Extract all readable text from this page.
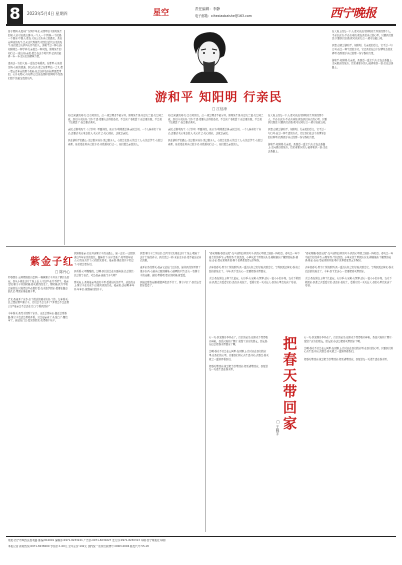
8	2023年5月4日 星期四	星空	责任编辑：李静
电子邮箱：xihexiaobaishe@163.com	西宁晚报
吾于期间,从贵州广东到中华北,从那里去王阳明先生的知,大家可以做点事;从一个人,一个团体,一个民族,一个国家;中国人,都在大地上走出自己的路来。我以前拜读的先生,是从古代到现代,特别是近代以来的先生,他们都是有担当有作为的人。游和平是一种心态;知阳明是一种学问;行亲民是一种实践。阳明先生的知行合一,致良知,亲民,都是在这个时代里,让我们能够一步一步走出来的精神力量。

贵州这一方的大地,一直在召唤着我。在那里,有他的龙场,有他的悟道。我每次去,都会在那里站一会儿,想一想五百年前的那个夜晚,他是怎样在石棺里面思考的。心外无物,心外无理,这是他在那样的困境中,给我们留下的最宝贵的东西。
游和平 知阳明 行亲民
□ 江信涛
知,是知道的知;行,是行动的行。合一,就是两者不能分开。阳明先生说,知是行之始,行是知之成。我们今天读书,工作,生活,都要有这样的态度。不是读了书就算了,而是要去做。不是说了话就算了,而是要去落实。

亲民,是阳明先生《大学问》里面讲的。他认为,明明德是体,亲民是用。一个人修养好了自己,还要去关心身边的人,关心社会,关心国家。这就是亲民。

我在游和平的路上,走过很多地方,见过很多人。有的是农民,有的是工人,有的是学生,有的是老师。他们都在用自己的方式,实践着知行合一。他们都是亲民的人。
知,是知道的知;行,是行动的行。合一,就是两者不能分开。阳明先生说,知是行之始,行是知之成。我们今天读书,工作,生活,都要有这样的态度。不是读了书就算了,而是要去做。不是说了话就算了,而是要去落实。

亲民,是阳明先生《大学问》里面讲的。他认为,明明德是体,亲民是用。一个人修养好了自己,还要去关心身边的人,关心社会,关心国家。这就是亲民。

我在游和平的路上,走过很多地方,见过很多人。有的是农民,有的是工人,有的是学生,有的是老师。他们都在用自己的方式,实践着知行合一。他们都是亲民的人。
在大地上的每一个人,都可以成为阳明先生所说的那个人。不必去远方,不必去寻找,就在我们自己的心里。只要我们愿意,只要我们去做,就可以知行合一,就可以致良知。

我想,这就是游和平、知阳明、行亲民的意义。它不是一句口号,而是一种生活的方式。它让我们在这个纷繁复杂的世界里,找到属于自己的那一份宁静和力量。

游和平,知阳明,行亲民。我愿意一直走下去,走在这条路上,走向更远的地方。也希望更多的人,能够和我一起,走在这条路上。
在大地上的每一个人,都可以成为阳明先生所说的那个人。不必去远方,不必去寻找,就在我们自己的心里。只要我们愿意,只要我们去做,就可以知行合一,就可以致良知。

我想,这就是游和平、知阳明、行亲民的意义。它不是一句口号,而是一种生活的方式。它让我们在这个纷繁复杂的世界里,找到属于自己的那一份宁静和力量。

游和平,知阳明,行亲民。我愿意一直走下去,走在这条路上,走向更远的地方。也希望更多的人,能够和我一起,走在这条路上。
紫金子红
□ 陈丹心
仲春四月,云雾缭绕的山峦间,一株株紫金子开出了紫红色的花。我从小就在这片土地上长大,对这些花并不陌生。母亲常说,紫金子开的时候,春天就真的来了。那时候,我并不明白她的话,只觉得这些花很好看,每天放学回家,都要在路边摘几朵,带回家插在瓶子里。

后来,我离开了家乡,去了很远的城市读书,工作。每年春天,总会想起那些紫金子。它们是不是又开了?开得是不是还那么好?母亲是不是还在门口,等着我回家?

今年春天,我终于回到了家乡。山还是那座山,路还是那条路,紫金子也还是那样开着。只是母亲老了,头发白了,腰也弯了。她站在门口,看见我回来,笑得像个孩子。
我陪着母亲,走在开满紫金子的山路上。她一边走,一边给我讲这些年家乡的变化。路修好了,房子盖新了,村里的年轻人,有的出去打工,有的回来创业。母亲说,现在的日子好过了,可就是想你们。

我听着,心里酸酸的。是啊,我们总是在外面奔波,总是说忙,总是说等以后。可是母亲,她能等多久呢?

那天晚上,我和母亲坐在院子里,看着满天的星星。远处的山上,紫金子在月光下,泛着淡淡的红光。母亲说,这花啊,年年开,年年红,就像咱们的日子。
我想,紫金子之所以红,是因为它扎根在这片土地上,吸收了这片土地的养分。我们也是一样,无论走多远,都不能忘记自己的根。

离开家乡的那天,母亲又站在门口送我。她往我的包里塞了很多东西,有她自己做的腌菜,有她晒的干货,还有一包紫金子的花瓣。她说,带着吧,想家的时候,就看看。

我接过那包花瓣,眼泪再也忍不住了。紫金子红了,我也该常回家看看了。
"春光明媚,春意盎然",每当读到这样的句子,我的心里就会涌起一阵暖意。春天是一年中最美好的季节,万物复苏,生机勃勃。小草从泥土里探出头来,柳树抽出了嫩绿的枝条,桃花,杏花,梨花竞相开放,整个世界都变得五彩缤纷。

去年的春天,因为工作的原因,我一直没有机会好好地去感受它。等到我回过神来,春天已经悄悄地走了。今年,我下定决心,一定要把春天带回家。

于是,我在阳台上种了几盆花。有月季,有茉莉,有绿萝,还有一盆小小的多肉。每天下班回家,我都会去看看它们,浇浇水,松松土。看着它们一天天长大,我的心里也充满了希望。
"春光明媚,春意盎然",每当读到这样的句子,我的心里就会涌起一阵暖意。春天是一年中最美好的季节,万物复苏,生机勃勃。小草从泥土里探出头来,柳树抽出了嫩绿的枝条,桃花,杏花,梨花竞相开放,整个世界都变得五彩缤纷。

去年的春天,因为工作的原因,我一直没有机会好好地去感受它。等到我回过神来,春天已经悄悄地走了。今年,我下定决心,一定要把春天带回家。

于是,我在阳台上种了几盆花。有月季,有茉莉,有绿萝,还有一盆小小的多肉。每天下班回家,我都会去看看它们,浇浇水,松松土。看着它们一天天长大,我的心里也充满了希望。
有一天,我发现月季开花了。红红的花朵,在阳光下显得格外鲜艳。我高兴地拍了照片,发给了远方的朋友。朋友说,你这是把春天带回家了啊。

是啊,春天不只是在公园里,在田野上,也可以在我们的家里,在我们的心里。只要我们用心去生活,用心去感受,春天就会一直陪伴着我们。

把春天带回家,就是把美好带回家,把希望带回家。我愿意每一天都生活在春天里。	把春天带回家
□ 王晓宇
有一天,我发现月季开花了。红红的花朵,在阳光下显得格外鲜艳。我高兴地拍了照片,发给了远方的朋友。朋友说,你这是把春天带回家了啊。

是啊,春天不只是在公园里,在田野上,也可以在我们的家里,在我们的心里。只要我们用心去生活,用心去感受,春天就会一直陪伴着我们。

把春天带回家,就是把美好带回家,把希望带回家。我愿意每一天都生活在春天里。
地址:西宁市城西区胜利路 邮编:810001 编辑部:0971-8233221 广告部:0971-8230227 发行部:0971-8230313 印刷:西宁晚报社印刷厂
本报记者 新闻热线:0971-8238000 零售价:1.00元 全年定价:192元 国内统一连续出版物号:CN63-0006 邮发代号:55-18
